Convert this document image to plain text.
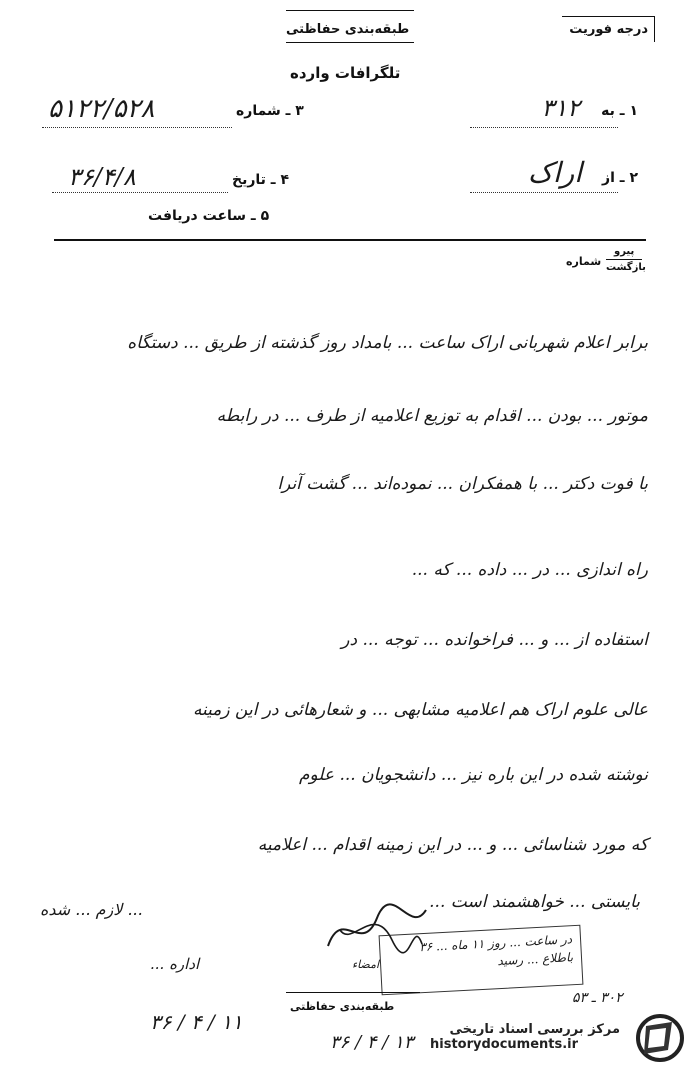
درجه فوریت
طبقه‌بندی حفاظتی
تلگرافات وارده
۱ ـ به
۳۱۲
۳ ـ شماره
۵۱۲۲/۵۲۸
۲ ـ از
اراک
۴ ـ تاریخ
۳۶/۴/۸
۵ ـ ساعت دریافت
پیرو
بازگشت
شماره
برابر اعلام شهربانی اراک ساعت ... بامداد روز گذشته از طریق ... دستگاه
موتور ... بودن ... اقدام به توزیع اعلامیه از طرف ... در رابطه
با فوت دکتر ... با همفکران ... نموده‌اند ... گشت آنرا
راه اندازی ... در ... داده ... که ...
استفاده از ... و ... فراخوانده ... توجه ... در
عالی علوم اراک هم اعلامیه مشابهی ... و شعارهائی در این زمینه
نوشته شده در این باره نیز ... دانشجویان ... علوم
که مورد شناسائی ... و ... در این زمینه اقدام ... اعلامیه
بایستی ... خواهشمند است ...
... لازم ... شده
اداره ...
در ساعت ... روز ۱۱ ماه ... ۳۶
باطلاع ... رسید
امضاء
۱۱ / ۴ / ۳۶
۱۳ / ۴ / ۳۶
۳۰۲ ـ ۵۳
طبقه‌بندی حفاظتی
مرکز بررسی اسناد تاریخی
historydocuments.ir
